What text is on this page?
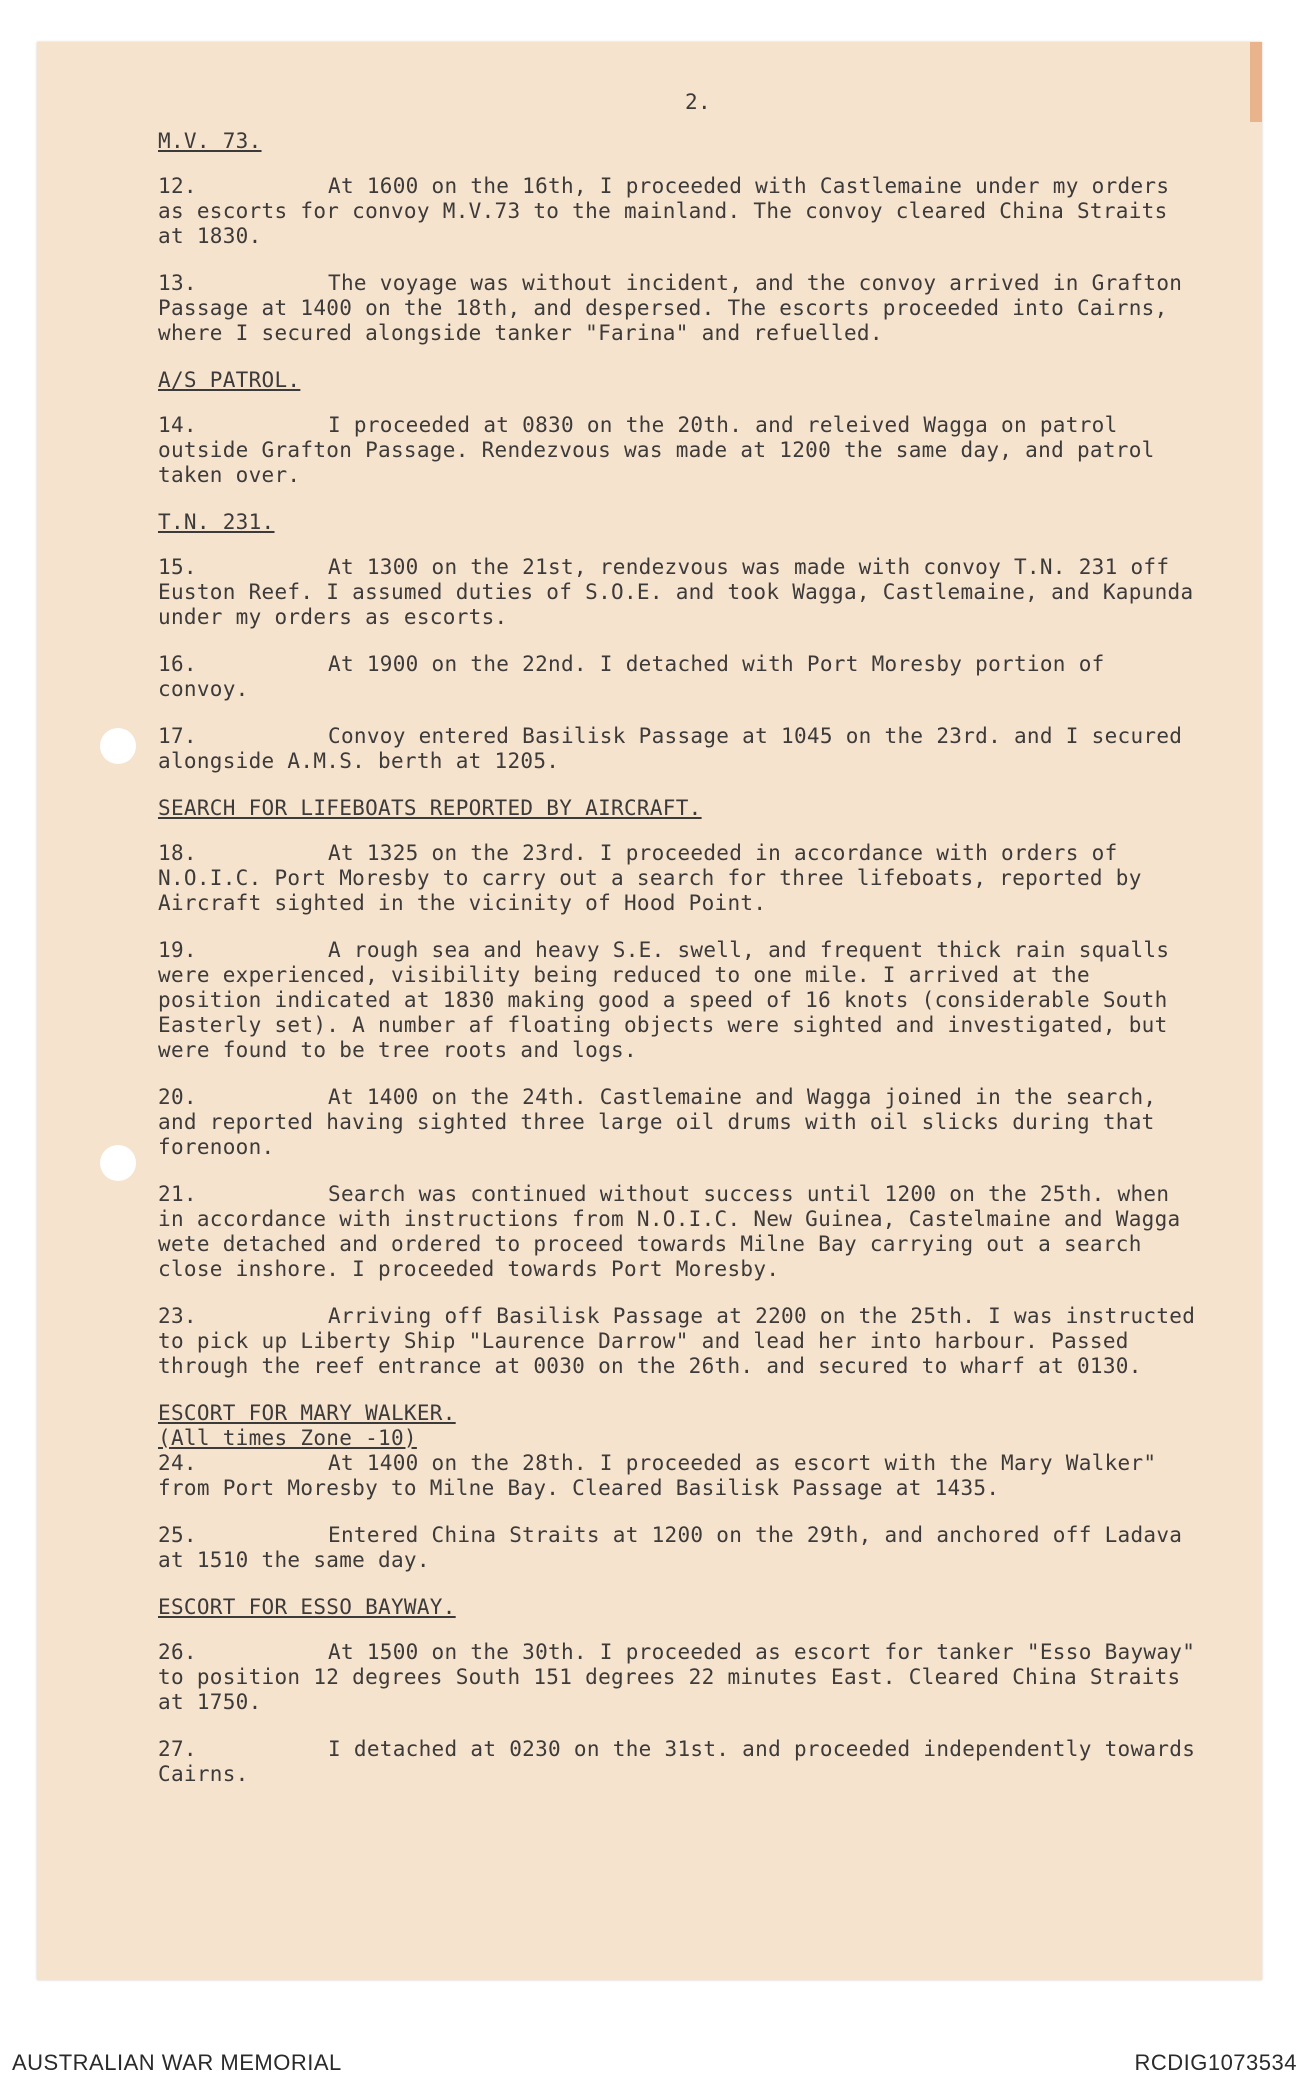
2.
M.V. 73.
12.	At 1600 on the 16th, I proceeded with Castlemaine under my orders as escorts for convoy M.V.73 to the mainland. The convoy cleared China Straits at 1830.
13.	The voyage was without incident, and the convoy arrived in Grafton Passage at 1400 on the 18th, and despersed. The escorts proceeded into Cairns, where I secured alongside tanker "Farina" and refuelled.
A/S PATROL.
14.	I proceeded at 0830 on the 20th. and releived Wagga on patrol outside Grafton Passage. Rendezvous was made at 1200 the same day, and patrol taken over.
T.N. 231.
15.	At 1300 on the 21st, rendezvous was made with convoy T.N. 231 off Euston Reef. I assumed duties of S.O.E. and took Wagga, Castlemaine, and Kapunda under my orders as escorts.
16.	At 1900 on the 22nd. I detached with Port Moresby portion of convoy.
17.	Convoy entered Basilisk Passage at 1045 on the 23rd. and I secured alongside A.M.S. berth at 1205.
SEARCH FOR LIFEBOATS REPORTED BY AIRCRAFT.
18.	At 1325 on the 23rd. I proceeded in accordance with orders of N.O.I.C. Port Moresby to carry out a search for three lifeboats, reported by Aircraft sighted in the vicinity of Hood Point.
19.	A rough sea and heavy S.E. swell, and frequent thick rain squalls were experienced, visibility being reduced to one mile. I arrived at the position indicated at 1830 making good a speed of 16 knots (considerable South Easterly set). A number af floating objects were sighted and investigated, but were found to be tree roots and logs.
20.	At 1400 on the 24th. Castlemaine and Wagga joined in the search, and reported having sighted three large oil drums with oil slicks during that forenoon.
21.	Search was continued without success until 1200 on the 25th. when in accordance with instructions from N.O.I.C. New Guinea, Castelmaine and Wagga wete detached and ordered to proceed towards Milne Bay carrying out a search close inshore. I proceeded towards Port Moresby.
23.	Arriving off Basilisk Passage at 2200 on the 25th. I was instructed to pick up Liberty Ship "Laurence Darrow" and lead her into harbour. Passed through the reef entrance at 0030 on the 26th. and secured to wharf at 0130.
ESCORT FOR MARY WALKER.
(All times Zone -10)
24.	At 1400 on the 28th. I proceeded as escort with the Mary Walker" from Port Moresby to Milne Bay. Cleared Basilisk Passage at 1435.
25.	Entered China Straits at 1200 on the 29th, and anchored off Ladava at 1510 the same day.
ESCORT FOR ESSO BAYWAY.
26.	At 1500 on the 30th. I proceeded as escort for tanker "Esso Bayway" to position 12 degrees South 151 degrees 22 minutes East. Cleared China Straits at 1750.
27.	I detached at 0230 on the 31st. and proceeded independently towards Cairns.
AUSTRALIAN WAR MEMORIAL	RCDIG1073534
